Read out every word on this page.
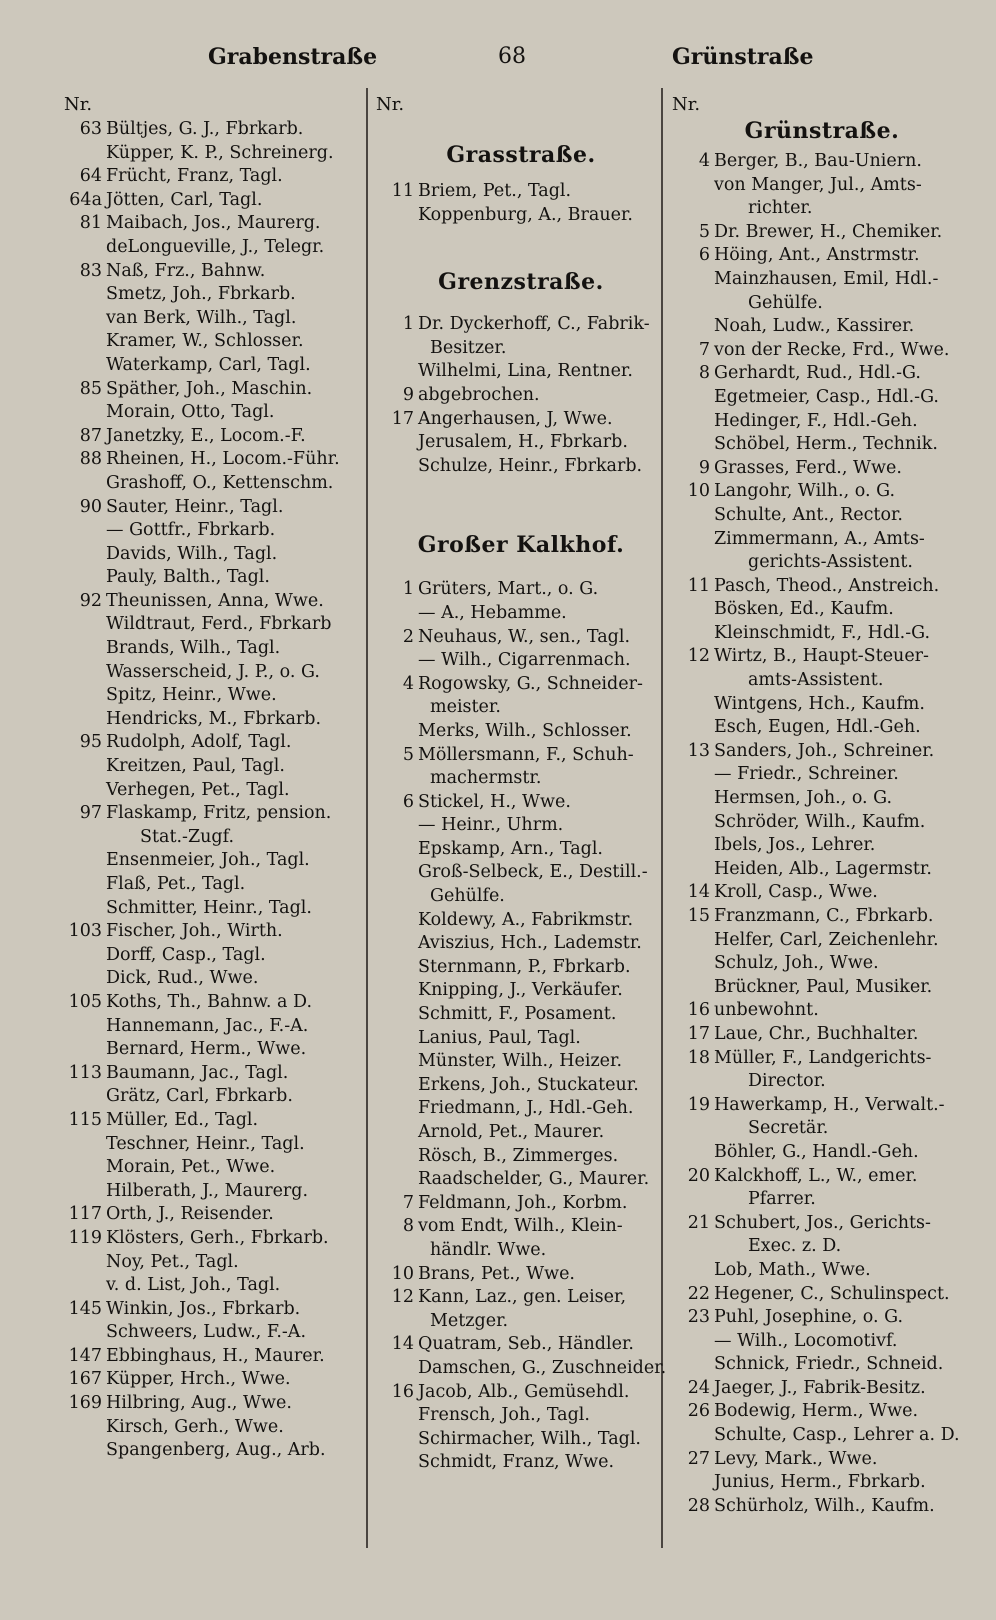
Grabenstraße	68	Grünstraße
Nr.
63 Bültjes, G. J., Fbrkarb.
Küpper, K. P., Schreinerg.
64 Frücht, Franz, Tagl.
64a Jötten, Carl, Tagl.
81 Maibach, Jos., Maurerg.
deLongueville, J., Telegr.
83 Naß, Frz., Bahnw.
Smetz, Joh., Fbrkarb.
van Berk, Wilh., Tagl.
Kramer, W., Schlosser.
Waterkamp, Carl, Tagl.
85 Späther, Joh., Maschin.
Morain, Otto, Tagl.
87 Janetzky, E., Locom.-F.
88 Rheinen, H., Locom.-Führ.
Grashoff, O., Kettenschm.
90 Sauter, Heinr., Tagl.
— Gottfr., Fbrkarb.
Davids, Wilh., Tagl.
Pauly, Balth., Tagl.
92 Theunissen, Anna, Wwe.
Wildtraut, Ferd., Fbrkarb
Brands, Wilh., Tagl.
Wasserscheid, J. P., o. G.
Spitz, Heinr., Wwe.
Hendricks, M., Fbrkarb.
95 Rudolph, Adolf, Tagl.
Kreitzen, Paul, Tagl.
Verhegen, Pet., Tagl.
97 Flaskamp, Fritz, pension.
Stat.-Zugf.
Ensenmeier, Joh., Tagl.
Flaß, Pet., Tagl.
Schmitter, Heinr., Tagl.
103 Fischer, Joh., Wirth.
Dorff, Casp., Tagl.
Dick, Rud., Wwe.
105 Koths, Th., Bahnw. a D.
Hannemann, Jac., F.-A.
Bernard, Herm., Wwe.
113 Baumann, Jac., Tagl.
Grätz, Carl, Fbrkarb.
115 Müller, Ed., Tagl.
Teschner, Heinr., Tagl.
Morain, Pet., Wwe.
Hilberath, J., Maurerg.
117 Orth, J., Reisender.
119 Klösters, Gerh., Fbrkarb.
Noy, Pet., Tagl.
v. d. List, Joh., Tagl.
145 Winkin, Jos., Fbrkarb.
Schweers, Ludw., F.-A.
147 Ebbinghaus, H., Maurer.
167 Küpper, Hrch., Wwe.
169 Hilbring, Aug., Wwe.
Kirsch, Gerh., Wwe.
Spangenberg, Aug., Arb.
Nr.
Grasstraße.
11 Briem, Pet., Tagl.
Koppenburg, A., Brauer.
Grenzstraße.
1 Dr. Dyckerhoff, C., Fabrik-
Besitzer.
Wilhelmi, Lina, Rentner.
9 abgebrochen.
17 Angerhausen, J, Wwe.
Jerusalem, H., Fbrkarb.
Schulze, Heinr., Fbrkarb.
Großer Kalkhof.
1 Grüters, Mart., o. G.
— A., Hebamme.
2 Neuhaus, W., sen., Tagl.
— Wilh., Cigarrenmach.
4 Rogowsky, G., Schneider-
meister.
Merks, Wilh., Schlosser.
5 Möllersmann, F., Schuh-
machermstr.
6 Stickel, H., Wwe.
— Heinr., Uhrm.
Epskamp, Arn., Tagl.
Groß-Selbeck, E., Destill.-
Gehülfe.
Koldewy, A., Fabrikmstr.
Aviszius, Hch., Lademstr.
Sternmann, P., Fbrkarb.
Knipping, J., Verkäufer.
Schmitt, F., Posament.
Lanius, Paul, Tagl.
Münster, Wilh., Heizer.
Erkens, Joh., Stuckateur.
Friedmann, J., Hdl.-Geh.
Arnold, Pet., Maurer.
Rösch, B., Zimmerges.
Raadschelder, G., Maurer.
7 Feldmann, Joh., Korbm.
8 vom Endt, Wilh., Klein-
händlr. Wwe.
10 Brans, Pet., Wwe.
12 Kann, Laz., gen. Leiser,
Metzger.
14 Quatram, Seb., Händler.
Damschen, G., Zuschneider.
16 Jacob, Alb., Gemüsehdl.
Frensch, Joh., Tagl.
Schirmacher, Wilh., Tagl.
Schmidt, Franz, Wwe.
Nr.
Grünstraße.
4 Berger, B., Bau-Uniern.
von Manger, Jul., Amts-
richter.
5 Dr. Brewer, H., Chemiker.
6 Höing, Ant., Anstrmstr.
Mainzhausen, Emil, Hdl.-
Gehülfe.
Noah, Ludw., Kassirer.
7 von der Recke, Frd., Wwe.
8 Gerhardt, Rud., Hdl.-G.
Egetmeier, Casp., Hdl.-G.
Hedinger, F., Hdl.-Geh.
Schöbel, Herm., Technik.
9 Grasses, Ferd., Wwe.
10 Langohr, Wilh., o. G.
Schulte, Ant., Rector.
Zimmermann, A., Amts-
gerichts-Assistent.
11 Pasch, Theod., Anstreich.
Bösken, Ed., Kaufm.
Kleinschmidt, F., Hdl.-G.
12 Wirtz, B., Haupt-Steuer-
amts-Assistent.
Wintgens, Hch., Kaufm.
Esch, Eugen, Hdl.-Geh.
13 Sanders, Joh., Schreiner.
— Friedr., Schreiner.
Hermsen, Joh., o. G.
Schröder, Wilh., Kaufm.
Ibels, Jos., Lehrer.
Heiden, Alb., Lagermstr.
14 Kroll, Casp., Wwe.
15 Franzmann, C., Fbrkarb.
Helfer, Carl, Zeichenlehr.
Schulz, Joh., Wwe.
Brückner, Paul, Musiker.
16 unbewohnt.
17 Laue, Chr., Buchhalter.
18 Müller, F., Landgerichts-
Director.
19 Hawerkamp, H., Verwalt.-
Secretär.
Böhler, G., Handl.-Geh.
20 Kalckhoff, L., W., emer.
Pfarrer.
21 Schubert, Jos., Gerichts-
Exec. z. D.
Lob, Math., Wwe.
22 Hegener, C., Schulinspect.
23 Puhl, Josephine, o. G.
— Wilh., Locomotivf.
Schnick, Friedr., Schneid.
24 Jaeger, J., Fabrik-Besitz.
26 Bodewig, Herm., Wwe.
Schulte, Casp., Lehrer a. D.
27 Levy, Mark., Wwe.
Junius, Herm., Fbrkarb.
28 Schürholz, Wilh., Kaufm.
